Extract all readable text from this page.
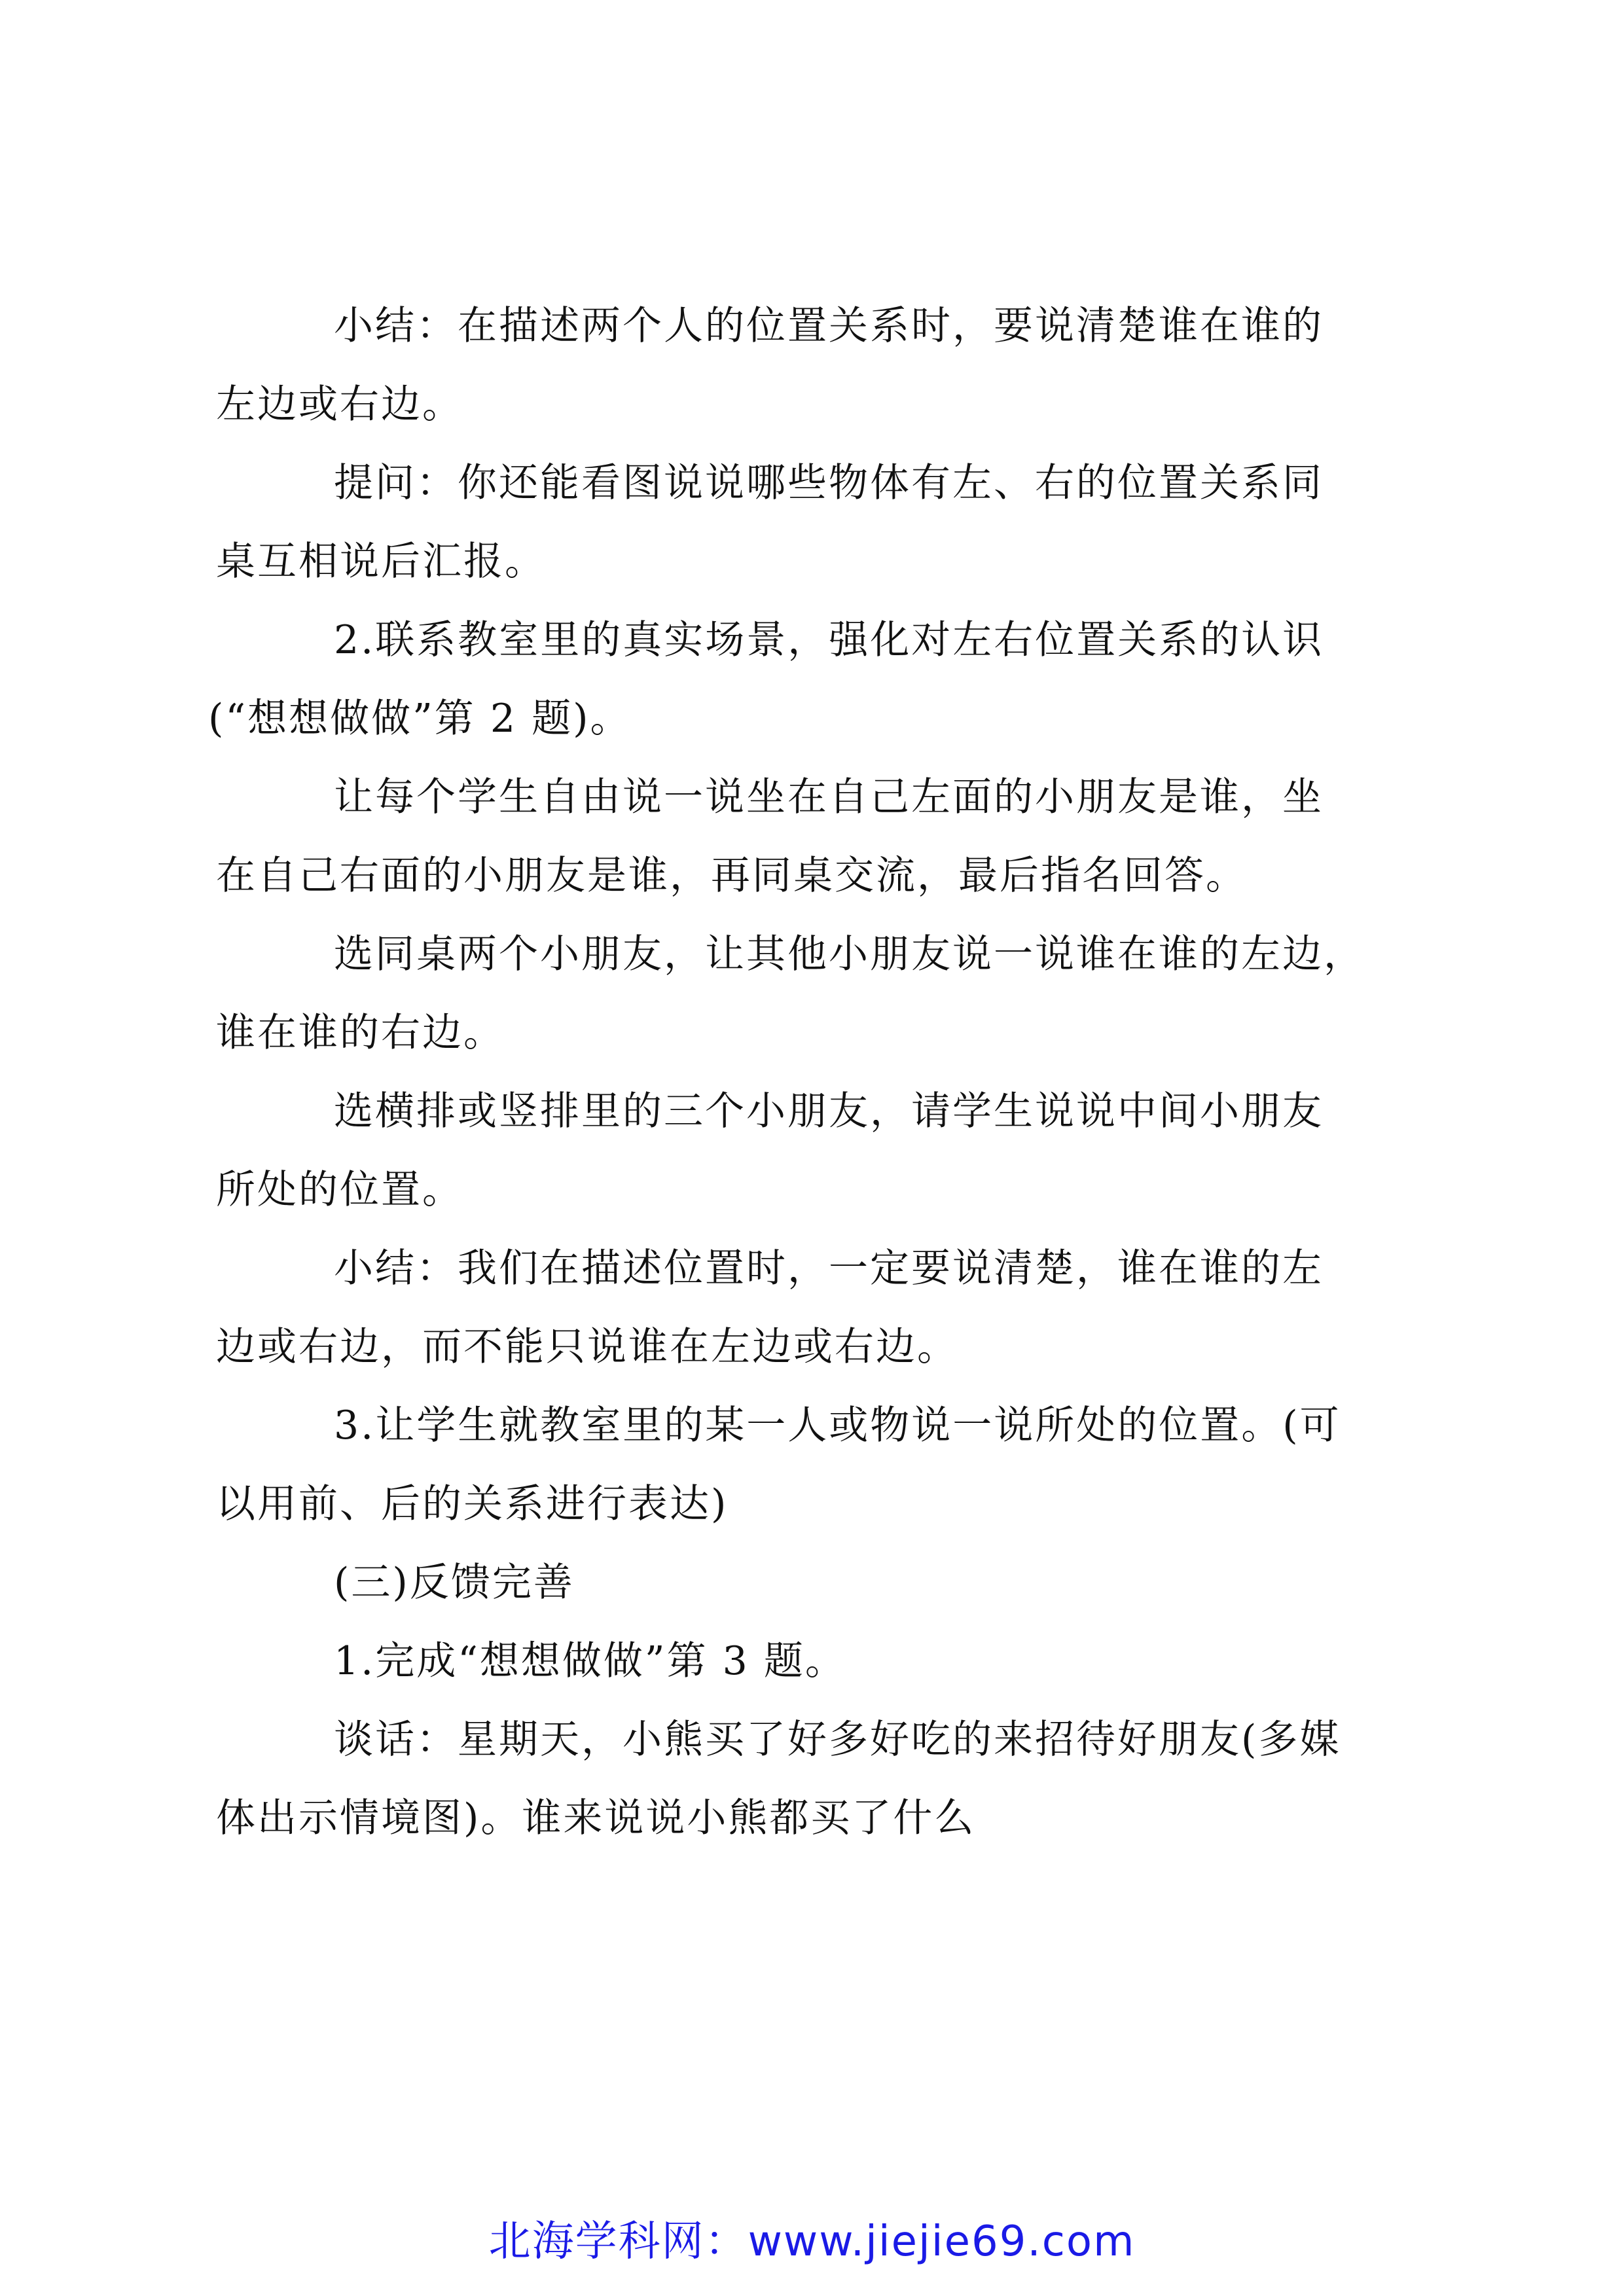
小结：在描述两个人的位置关系时，要说清楚谁在谁的
左边或右边。
提问：你还能看图说说哪些物体有左、右的位置关系同
桌互相说后汇报。
2.联系教室里的真实场景，强化对左右位置关系的认识
(“想想做做”第 2 题)。
让每个学生自由说一说坐在自己左面的小朋友是谁，坐
在自己右面的小朋友是谁，再同桌交流，最后指名回答。
选同桌两个小朋友，让其他小朋友说一说谁在谁的左边，
谁在谁的右边。
选横排或竖排里的三个小朋友，请学生说说中间小朋友
所处的位置。
小结：我们在描述位置时，一定要说清楚，谁在谁的左
边或右边，而不能只说谁在左边或右边。
3.让学生就教室里的某一人或物说一说所处的位置。(可
以用前、后的关系进行表达)
(三)反馈完善
1.完成“想想做做”第 3 题。
谈话：星期天，小熊买了好多好吃的来招待好朋友(多媒
体出示情境图)。谁来说说小熊都买了什么
北海学科网：www.jiejie69.com
